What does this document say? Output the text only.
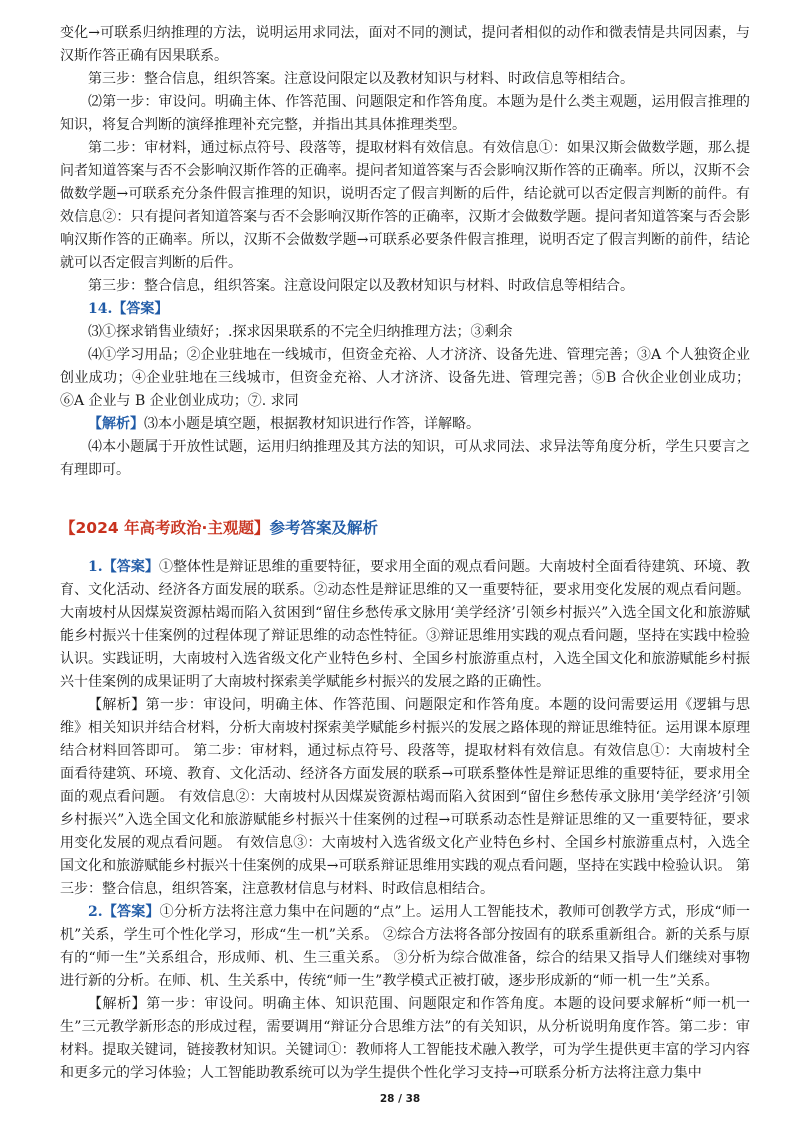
变化→可联系归纳推理的方法，说明运用求同法，面对不同的测试，提问者相似的动作和微表情是共同因素，与汉斯作答正确有因果联系。

第三步：整合信息，组织答案。注意设问限定以及教材知识与材料、时政信息等相结合。

⑵第一步：审设问。明确主体、作答范围、问题限定和作答角度。本题为是什么类主观题，运用假言推理的知识，将复合判断的演绎推理补充完整，并指出其具体推理类型。

第二步：审材料，通过标点符号、段落等，提取材料有效信息。有效信息①：如果汉斯会做数学题，那么提问者知道答案与否不会影响汉斯作答的正确率。提问者知道答案与否会影响汉斯作答的正确率。所以，汉斯不会做数学题→可联系充分条件假言推理的知识，说明否定了假言判断的后件，结论就可以否定假言判断的前件。有效信息②：只有提问者知道答案与否不会影响汉斯作答的正确率，汉斯才会做数学题。提问者知道答案与否会影响汉斯作答的正确率。所以，汉斯不会做数学题→可联系必要条件假言推理，说明否定了假言判断的前件，结论就可以否定假言判断的后件。

第三步：整合信息，组织答案。注意设问限定以及教材知识与材料、时政信息等相结合。

14.【答案】

⑶①探求销售业绩好；.探求因果联系的不完全归纳推理方法；③剩余

⑷①学习用品；②企业驻地在一线城市，但资金充裕、人才济济、设备先进、管理完善；③A 个人独资企业创业成功；④企业驻地在三线城市，但资金充裕、人才济济、设备先进、管理完善；⑤B 合伙企业创业成功；⑥A 企业与 B 企业创业成功；⑦. 求同

【解析】⑶本小题是填空题，根据教材知识进行作答，详解略。

⑷本小题属于开放性试题，运用归纳推理及其方法的知识，可从求同法、求异法等角度分析，学生只要言之有理即可。

【2024 年高考政治·主观题】参考答案及解析

1.【答案】①整体性是辩证思维的重要特征，要求用全面的观点看问题。大南坡村全面看待建筑、环境、教育、文化活动、经济各方面发展的联系。②动态性是辩证思维的又一重要特征，要求用变化发展的观点看问题。大南坡村从因煤炭资源枯竭而陷入贫困到“留住乡愁传承文脉用‘美学经济’引领乡村振兴”入选全国文化和旅游赋能乡村振兴十佳案例的过程体现了辩证思维的动态性特征。③辩证思维用实践的观点看问题，坚持在实践中检验认识。实践证明，大南坡村入选省级文化产业特色乡村、全国乡村旅游重点村，入选全国文化和旅游赋能乡村振兴十佳案例的成果证明了大南坡村探索美学赋能乡村振兴的发展之路的正确性。

【解析】第一步：审设问，明确主体、作答范围、问题限定和作答角度。本题的设问需要运用《逻辑与思维》相关知识并结合材料，分析大南坡村探索美学赋能乡村振兴的发展之路体现的辩证思维特征。运用课本原理结合材料回答即可。 第二步：审材料，通过标点符号、段落等，提取材料有效信息。有效信息①：大南坡村全面看待建筑、环境、教育、文化活动、经济各方面发展的联系→可联系整体性是辩证思维的重要特征，要求用全面的观点看问题。 有效信息②：大南坡村从因煤炭资源枯竭而陷入贫困到“留住乡愁传承文脉用‘美学经济’引领乡村振兴”入选全国文化和旅游赋能乡村振兴十佳案例的过程→可联系动态性是辩证思维的又一重要特征，要求用变化发展的观点看问题。 有效信息③：大南坡村入选省级文化产业特色乡村、全国乡村旅游重点村，入选全国文化和旅游赋能乡村振兴十佳案例的成果→可联系辩证思维用实践的观点看问题，坚持在实践中检验认识。 第三步：整合信息，组织答案，注意教材信息与材料、时政信息相结合。

2.【答案】①分析方法将注意力集中在问题的“点”上。运用人工智能技术，教师可创教学方式，形成“师一机”关系，学生可个性化学习，形成“生一机”关系。 ②综合方法将各部分按固有的联系重新组合。新的关系与原有的“师一生”关系组合，形成师、机、生三重关系。 ③分析为综合做准备，综合的结果又指导人们继续对事物进行新的分析。在师、机、生关系中，传统“师一生”教学模式正被打破，逐步形成新的“师一机一生”关系。

【解析】第一步：审设问。明确主体、知识范围、问题限定和作答角度。本题的设问要求解析“师一机一生”三元教学新形态的形成过程，需要调用“辩证分合思维方法”的有关知识，从分析说明角度作答。第二步：审材料。提取关键词，链接教材知识。关键词①：教师将人工智能技术融入教学，可为学生提供更丰富的学习内容和更多元的学习体验；人工智能助教系统可以为学生提供个性化学习支持→可联系分析方法将注意力集中

28 / 38
